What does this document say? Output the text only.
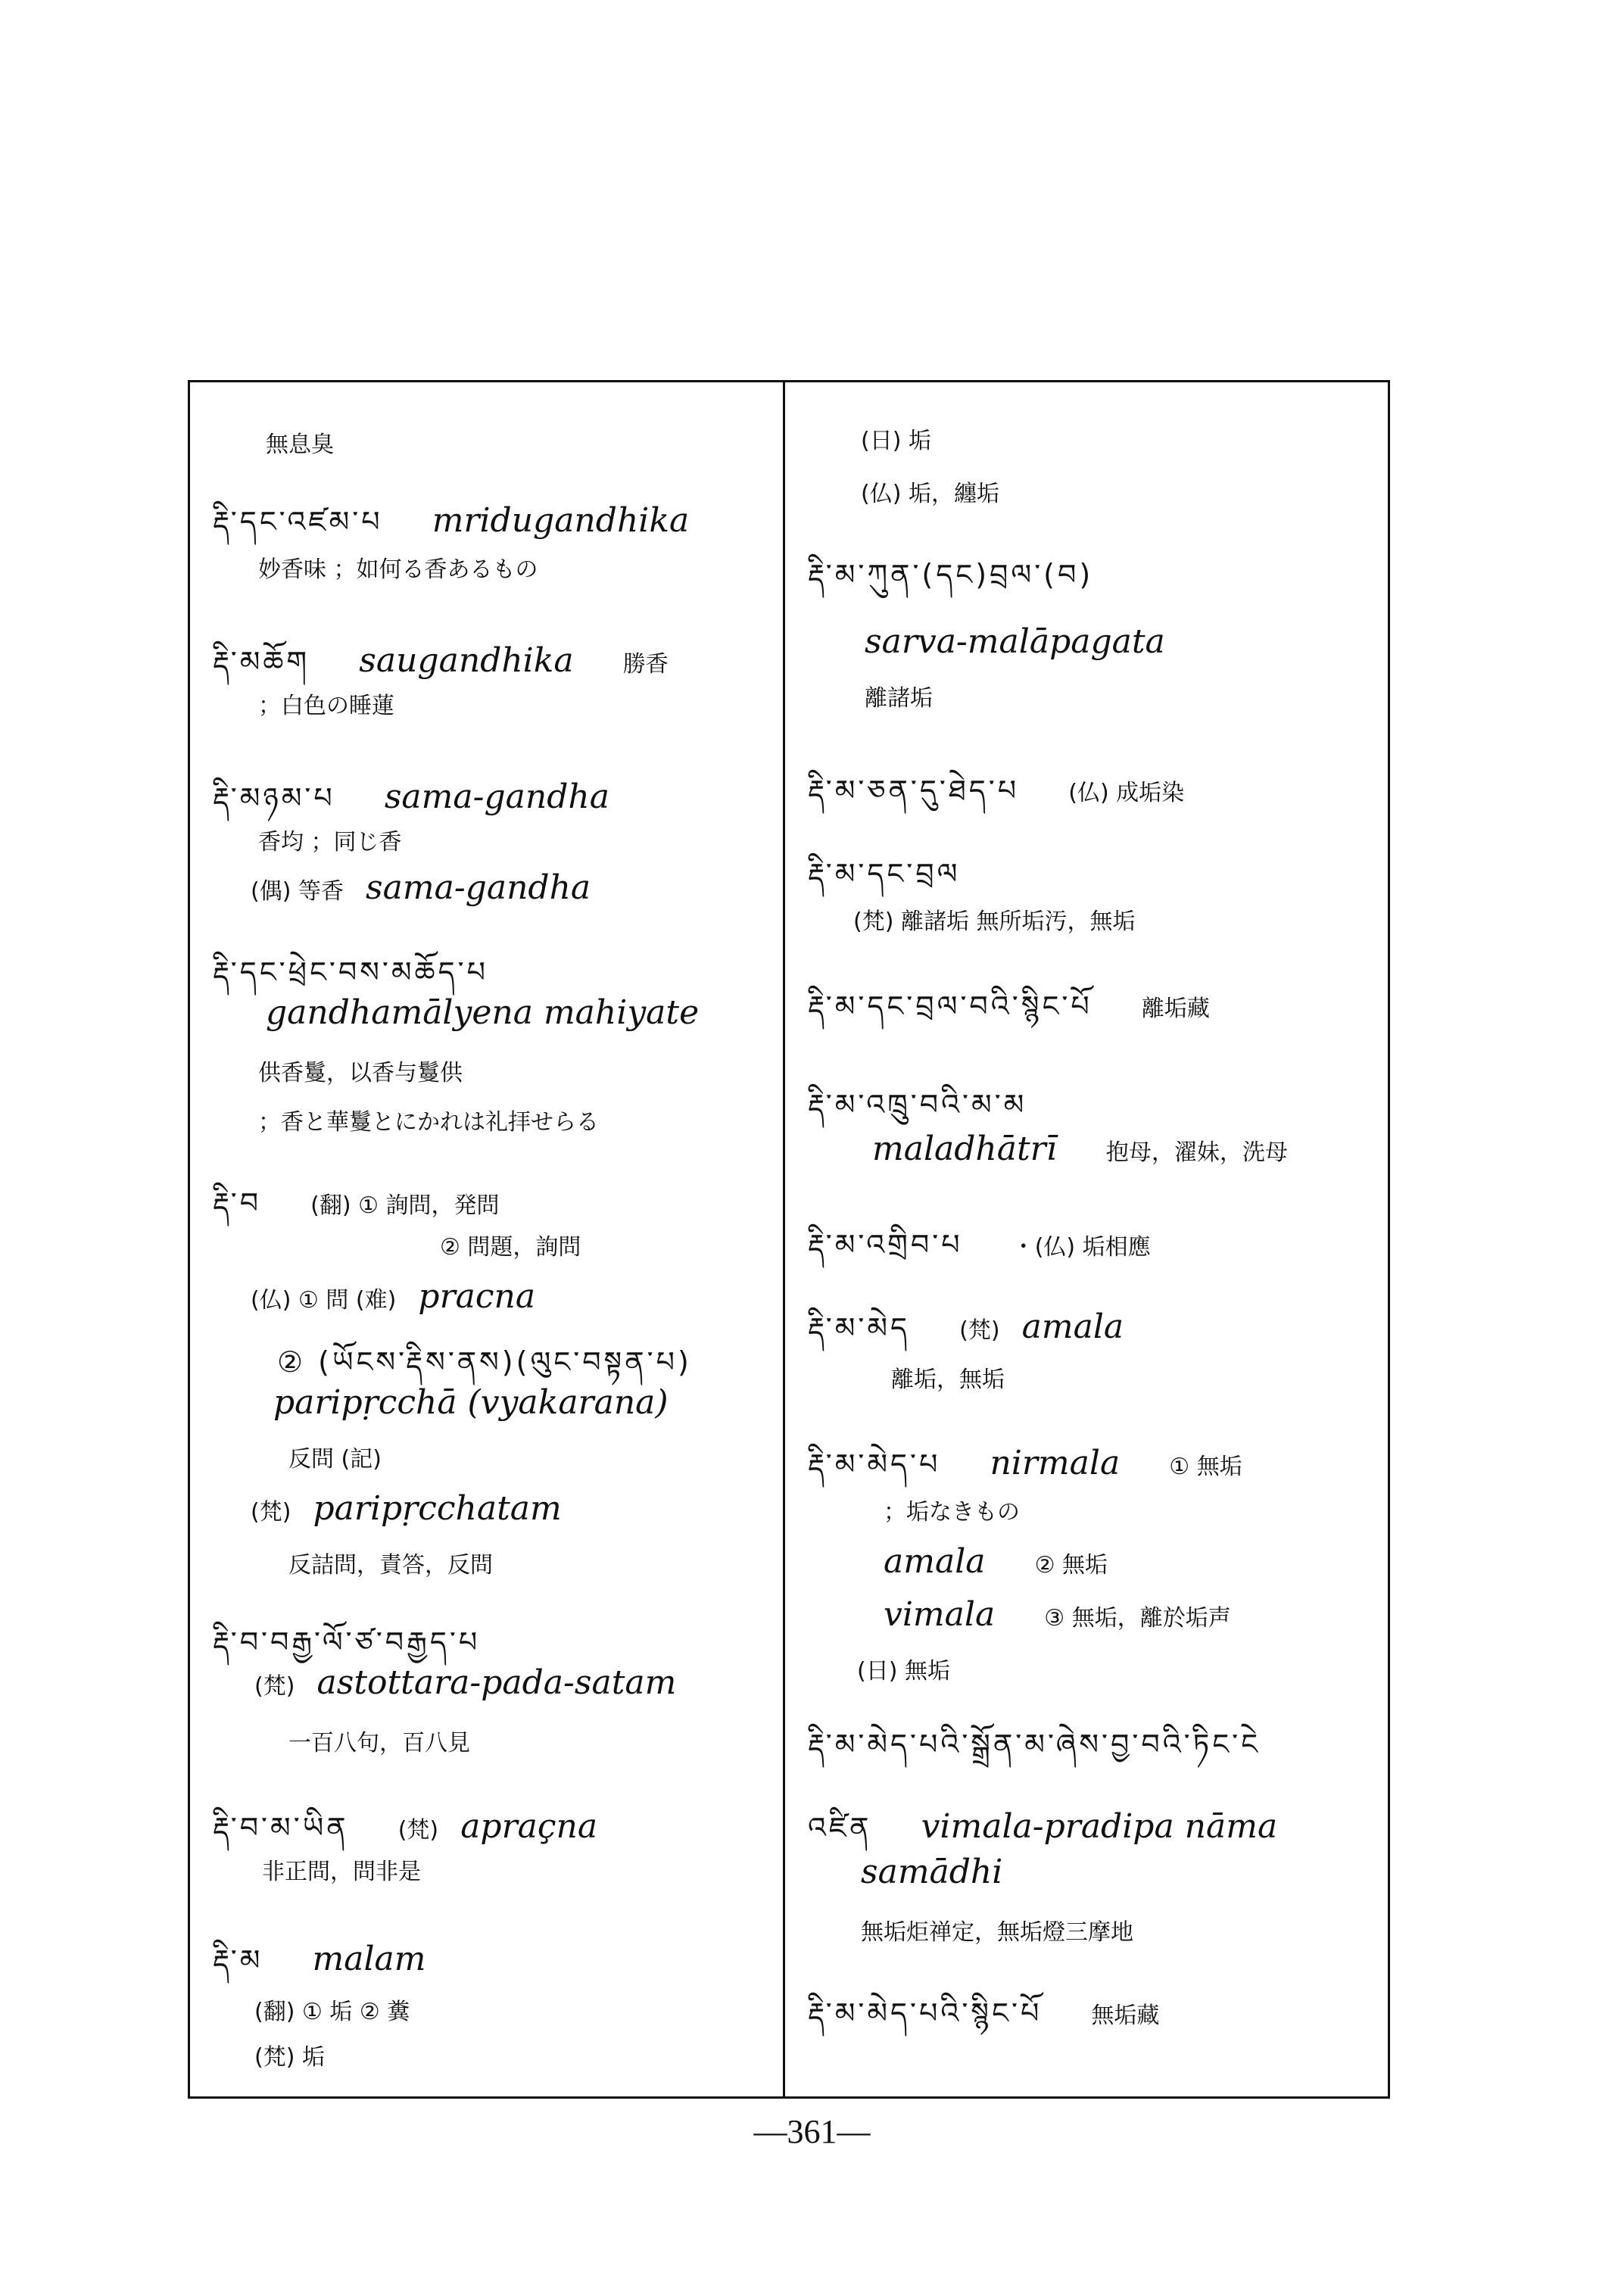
無息臭
རྡི་དང་འཛམ་པ mridugandhika
妙香味 ；如何る香あるもの
རྡི་མཆོག saugandhika 勝香
；白色の睡蓮
རྡི་མཉམ་པ sama-gandha
香均 ；同じ香
(偶) 等香 sama-gandha
རྡི་དང་ཕྲེང་བས་མཆོད་པ
gandhamālyena mahiyate
供香鬘，以香与鬘供
；香と華鬘とにかれは礼拝せらる
རྡི་བ (翻) ① 詢問，発問
② 問題，詢問
(仏) ① 問 (难) pracna
② (ཡོངས་རྡིས་ནས)(ལུང་བསྟན་པ)
paripṛcchā (vyakarana)
反問 (記)
(梵) paripṛcchatam
反詰問，責答，反問
རྡི་བ་བརྒྱ་ལོ་ཙ་བརྒྱད་པ
(梵) astottara-pada-satam
一百八句，百八見
རྡི་བ་མ་ཡིན (梵) apraçna
非正問，問非是
རྡི་མ malam
(翻) ① 垢 ② 糞
(梵) 垢
(日) 垢
(仏) 垢，纏垢
རྡི་མ་ཀུན་(དང)བྲལ་(བ)
sarva-malāpagata
離諸垢
རྡི་མ་ཅན་དུ་ཐེད་པ (仏) 成垢染
རྡི་མ་དང་བྲལ
(梵) 離諸垢 無所垢汚，無垢
རྡི་མ་དང་བྲལ་བའི་སྙིང་པོ 離垢藏
རྡི་མ་འཁྲུ་བའི་མ་མ
maladhātrī 抱母，濯妹，洗母
རྡི་མ་འགྲིབ་པ ・(仏) 垢相應
རྡི་མ་མེད (梵) amala
離垢，無垢
རྡི་མ་མེད་པ nirmala ① 無垢
；垢なきもの
amala ② 無垢
vimala ③ 無垢，離於垢声
(日) 無垢
རྡི་མ་མེད་པའི་སྒྲོན་མ་ཞེས་བྱ་བའི་ཏིང་ངེ
འཛིན vimala-pradipa nāma
samādhi
無垢炬禅定，無垢燈三摩地
རྡི་མ་མེད་པའི་སྙིང་པོ 無垢藏
—361—
